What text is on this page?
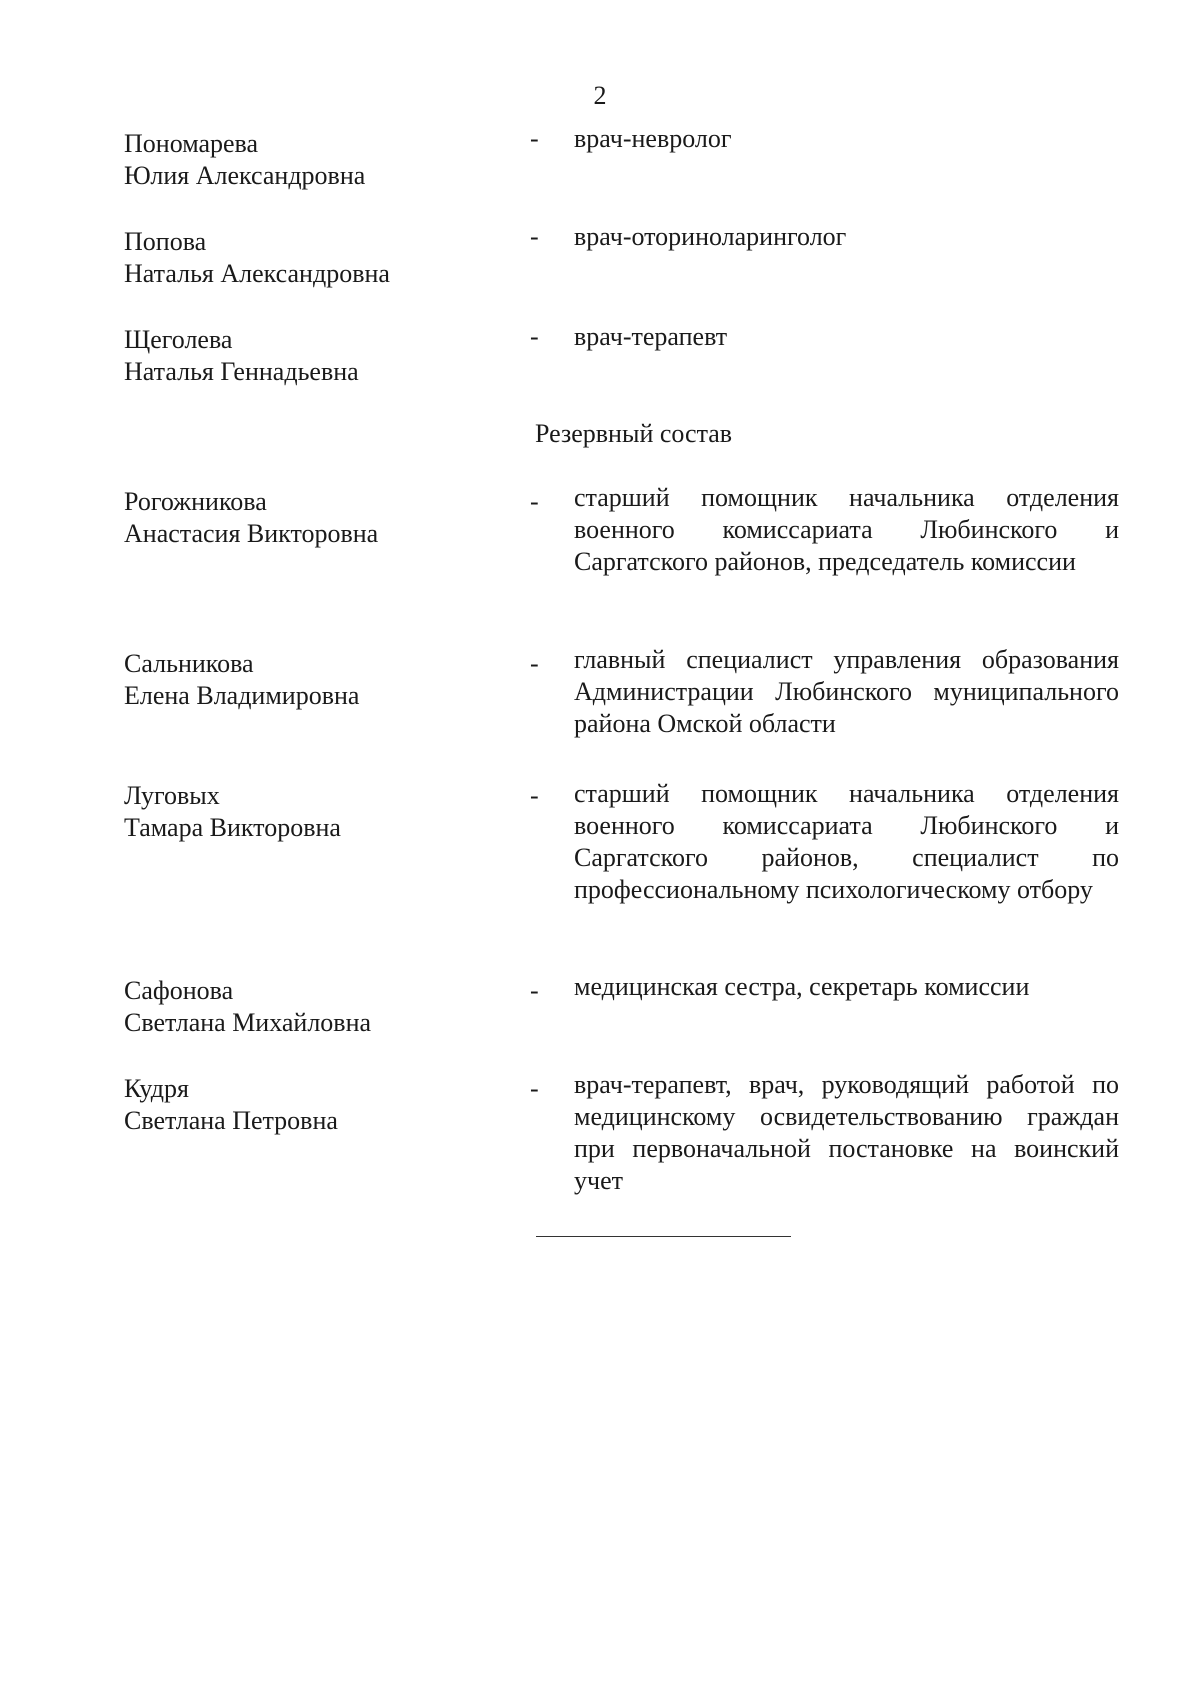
2
Пономарева
Юлия Александровна
- врач-невролог
Попова
Наталья Александровна
- врач-оториноларинголог
Щеголева
Наталья Геннадьевна
- врач-терапевт
Резервный состав
Рогожникова
Анастасия Викторовна
- старший помощник начальника отделения военного комиссариата Любинского и Саргатского районов, председатель комиссии
Сальникова
Елена Владимировна
- главный специалист управления образования Администрации Любинского муниципального района Омской области
Луговых
Тамара Викторовна
- старший помощник начальника отделения военного комиссариата Любинского и Саргатского районов, специалист по профессиональному психологическому отбору
Сафонова
Светлана Михайловна
- медицинская сестра, секретарь комиссии
Кудря
Светлана Петровна
- врач-терапевт, врач, руководящий работой по медицинскому освидетельствованию граждан при первоначальной постановке на воинский учет
